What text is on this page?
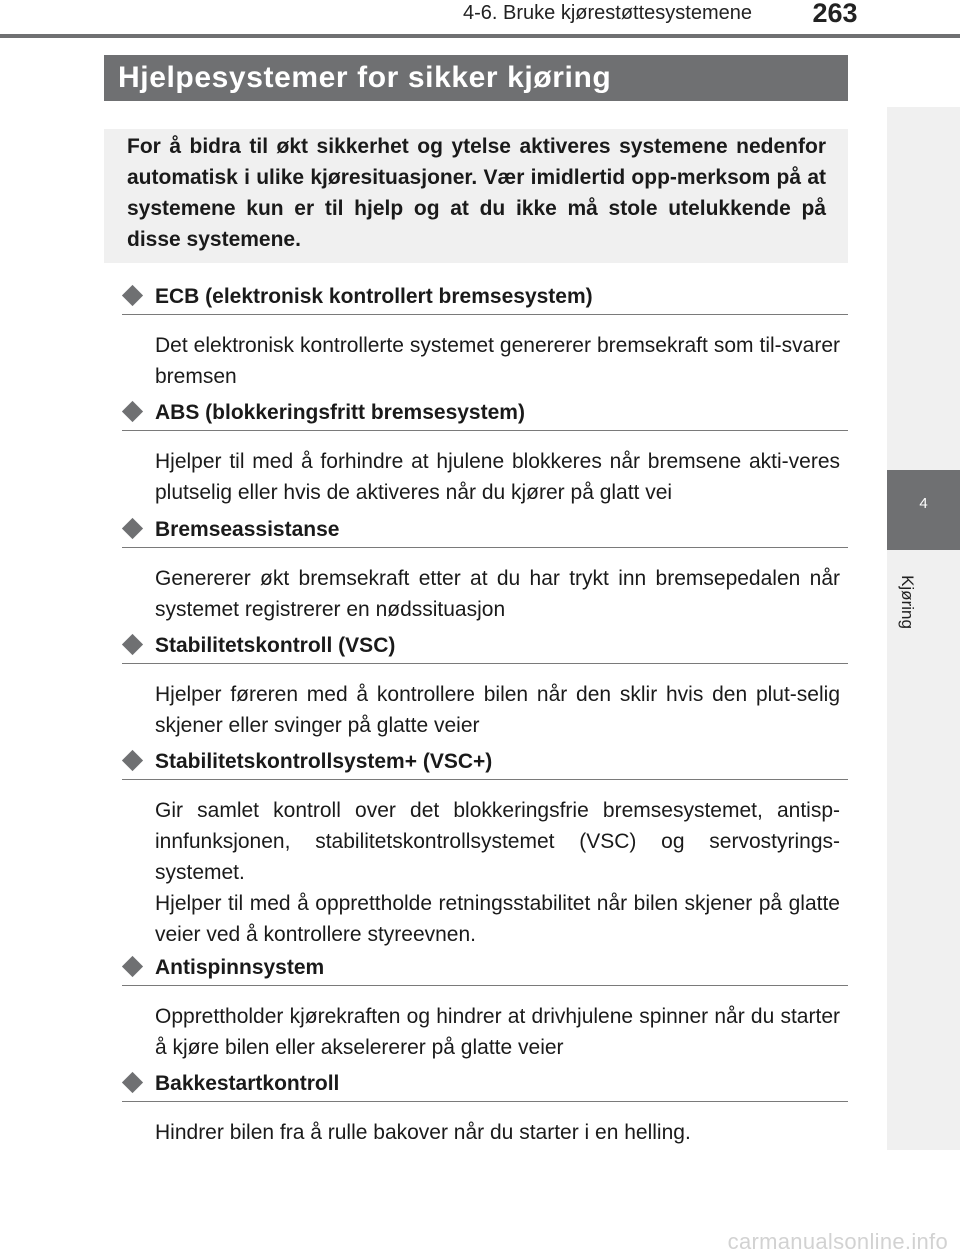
4-6. Bruke kjørestøttesystemene	263
4
Kjøring
Hjelpesystemer for sikker kjøring
For å bidra til økt sikkerhet og ytelse aktiveres systemene nedenfor automatisk i ulike kjøresituasjoner. Vær imidlertid opp-merksom på at systemene kun er til hjelp og at du ikke må stole utelukkende på disse systemene.
ECB (elektronisk kontrollert bremsesystem)
Det elektronisk kontrollerte systemet genererer bremsekraft som til-svarer bremsen
ABS (blokkeringsfritt bremsesystem)
Hjelper til med å forhindre at hjulene blokkeres når bremsene akti-veres plutselig eller hvis de aktiveres når du kjører på glatt vei
Bremseassistanse
Genererer økt bremsekraft etter at du har trykt inn bremsepedalen når systemet registrerer en nødssituasjon
Stabilitetskontroll (VSC)
Hjelper føreren med å kontrollere bilen når den sklir hvis den plut-selig skjener eller svinger på glatte veier
Stabilitetskontrollsystem+ (VSC+)
Gir samlet kontroll over det blokkeringsfrie bremsesystemet, antisp-innfunksjonen, stabilitetskontrollsystemet (VSC) og servostyrings-systemet.
Hjelper til med å opprettholde retningsstabilitet når bilen skjener på glatte veier ved å kontrollere styreevnen.
Antispinnsystem
Opprettholder kjørekraften og hindrer at drivhjulene spinner når du starter å kjøre bilen eller akselererer på glatte veier
Bakkestartkontroll
Hindrer bilen fra å rulle bakover når du starter i en helling.
carmanualsonline.info
